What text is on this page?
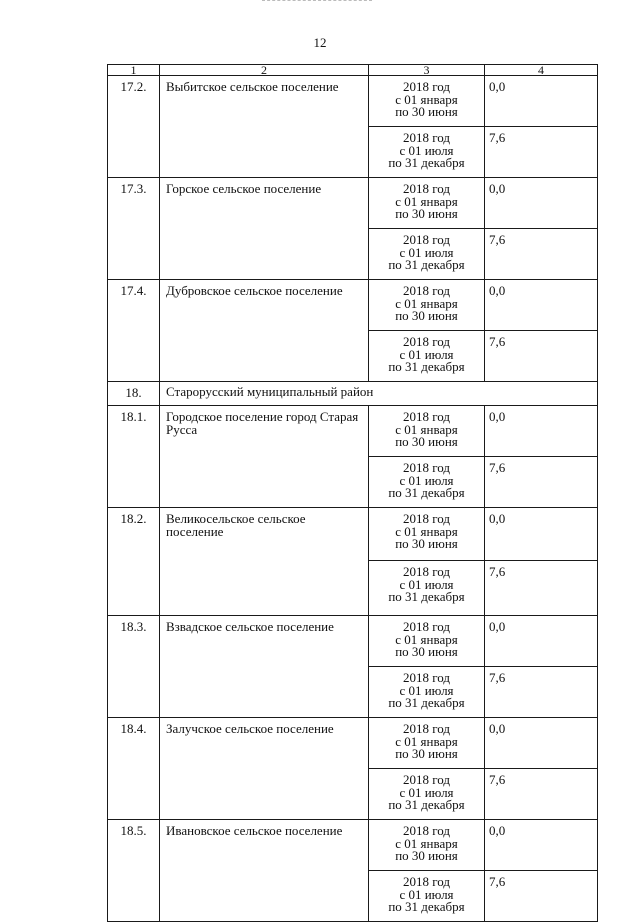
12
1	2	3	4
17.2.	Выбитское сельское поселение	2018 год
с 01 января
по 30 июня	0,0

		2018 год
с 01 июля
по 31 декабря	7,6
17.3.	Горское сельское поселение	2018 год
с 01 января
по 30 июня	0,0

		2018 год
с 01 июля
по 31 декабря	7,6
17.4.	Дубровское сельское поселение	2018 год
с 01 января
по 30 июня	0,0

		2018 год
с 01 июля
по 31 декабря	7,6
18.	Старорусский муниципальный район		
18.1.	Городское поселение город Старая Русса	2018 год
с 01 января
по 30 июня	0,0

		2018 год
с 01 июля
по 31 декабря	7,6
18.2.	Великосельское сельское поселение	2018 год
с 01 января
по 30 июня	0,0

		2018 год
с 01 июля
по 31 декабря	7,6
18.3.	Взвадское сельское поселение	2018 год
с 01 января
по 30 июня	0,0

		2018 год
с 01 июля
по 31 декабря	7,6
18.4.	Залучское сельское поселение	2018 год
с 01 января
по 30 июня	0,0

		2018 год
с 01 июля
по 31 декабря	7,6
18.5.	Ивановское сельское поселение	2018 год
с 01 января
по 30 июня	0,0

		2018 год
с 01 июля
по 31 декабря	7,6
